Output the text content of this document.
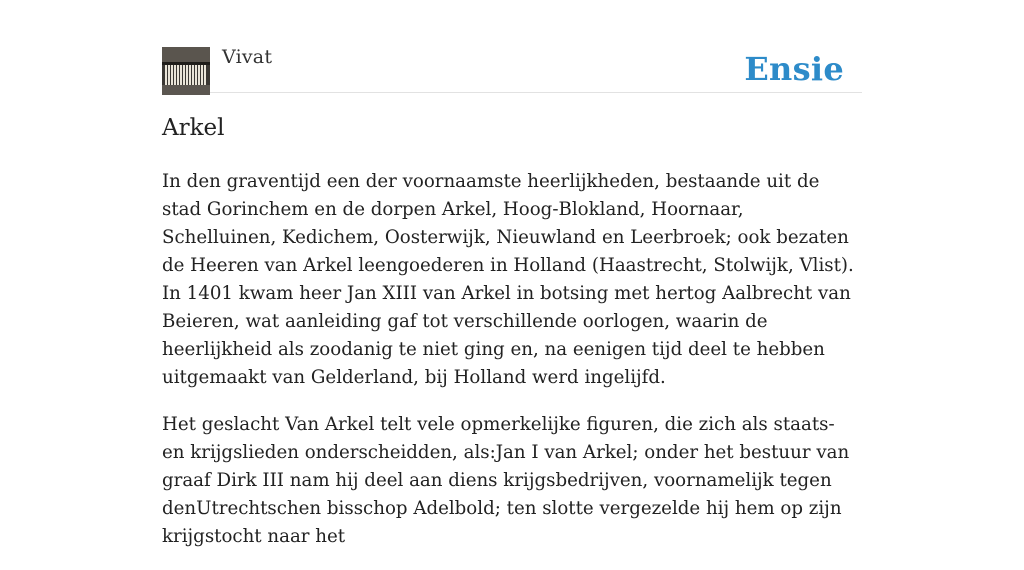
Vivat	Ensie
Arkel

In den graventijd een der voornaamste heerlijkheden, bestaande uit de stad Gorinchem en de dorpen Arkel, Hoog-Blokland, Hoornaar, Schelluinen, Kedichem, Oosterwijk, Nieuwland en Leerbroek; ook bezaten de Heeren van Arkel leengoederen in Holland (Haastrecht, Stolwijk, Vlist). In 1401 kwam heer Jan XIII van Arkel in botsing met hertog Aalbrecht van Beieren, wat aanleiding gaf tot verschillende oorlogen, waarin de heerlijkheid als zoodanig te niet ging en, na eenigen tijd deel te hebben uitgemaakt van Gelderland, bij Holland werd ingelijfd.

Het geslacht Van Arkel telt vele opmerkelijke figuren, die zich als staats- en krijgslieden onderscheidden, als:Jan I van Arkel; onder het bestuur van graaf Dirk III nam hij deel aan diens krijgsbedrijven, voornamelijk tegen denUtrechtschen bisschop Adelbold; ten slotte vergezelde hij hem op zijn krijgstocht naar het
